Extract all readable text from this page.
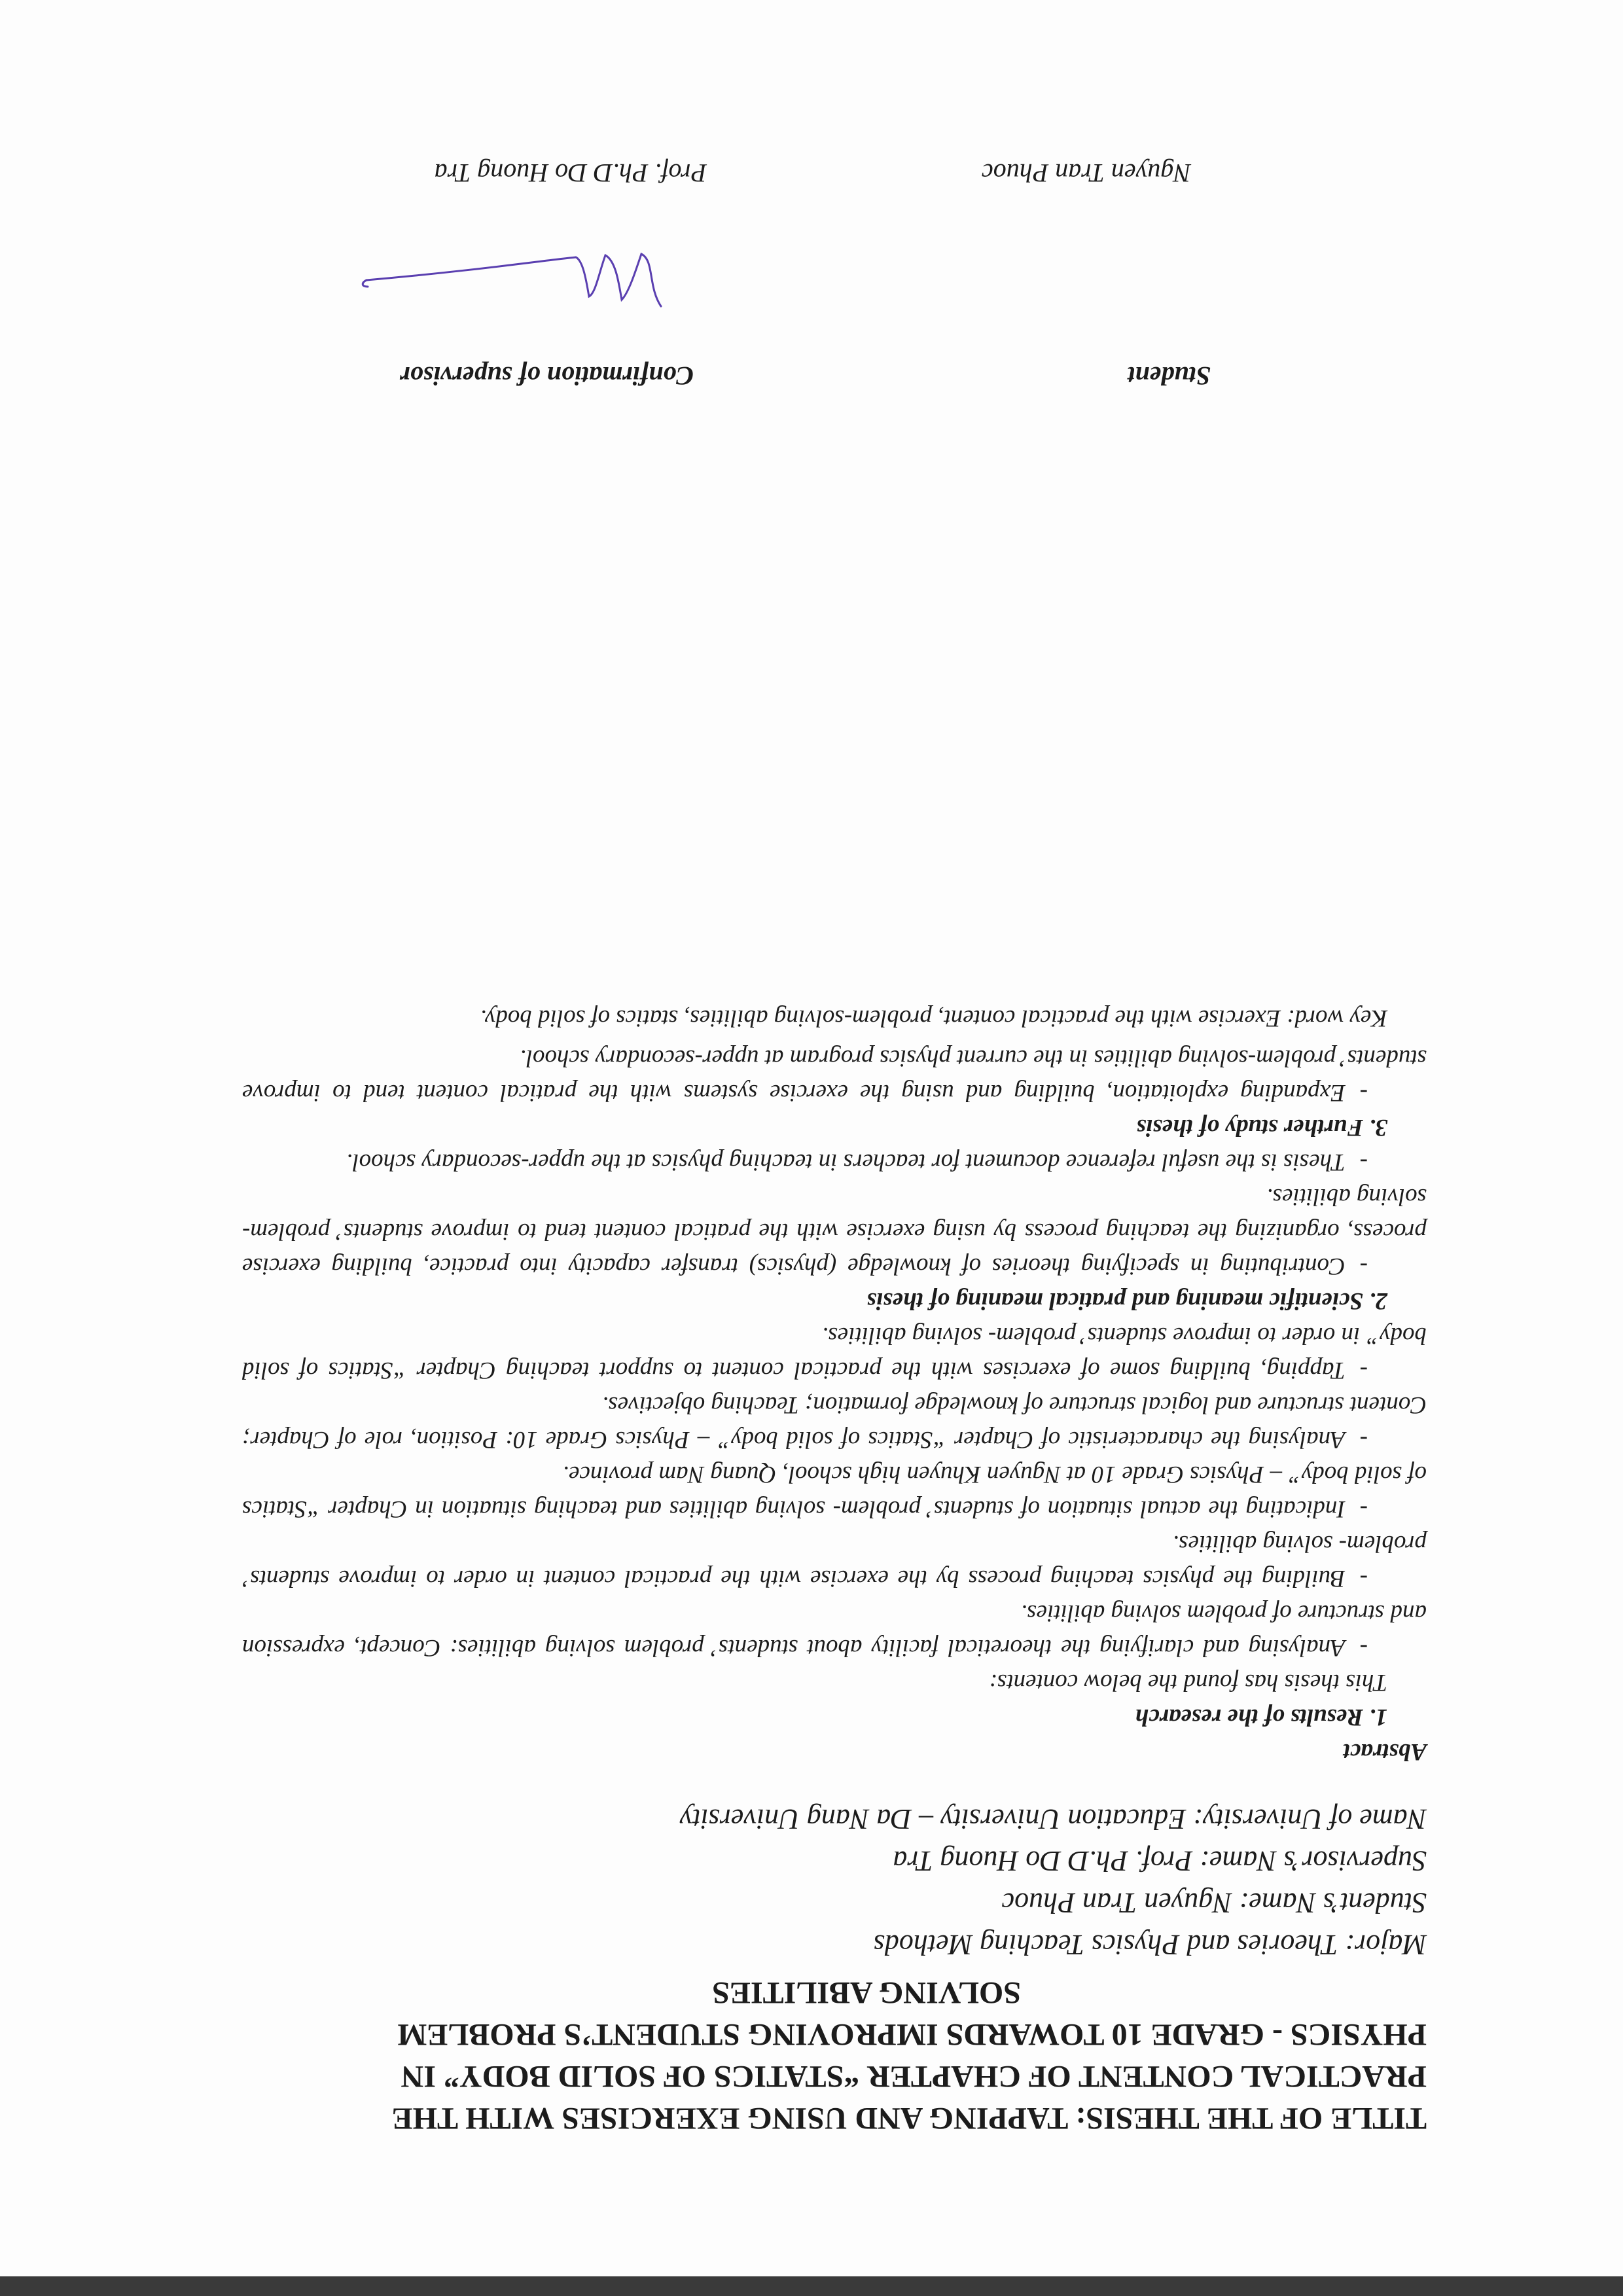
TITLE OF THE THESIS: TAPPING AND USING EXERCISES WITH THE
PRACTICAL CONTENT OF CHAPTER “STATICS OF SOLID BODY” IN
PHYSICS - GRADE 10 TOWARDS IMPROVING STUDENT’S PROBLEM
SOLVING ABILITIES
Major: Theories and Physics Teaching Methods
Student’s Name: Nguyen Tran Phuoc
Supervisor’s Name: Prof. Ph.D Do Huong Tra
Name of University: Education University – Da Nang University
Abstract
1. Results of the research

This thesis has found the below contents:

-Analysing and clarifying the theoretical facility about students’ problem solving abilities: Concept, expression and structure of problem solving abilities.

-Building the physics teaching process by the exercise with the practical content in order to improve students’ problem- solving abilities.

-Indicating the actual situation of students’ problem- solving abilities and teaching situation in Chapter “Statics of solid body” – Physics Grade 10 at Nguyen Khuyen high school, Quang Nam province.

-Analysing the characteristic of Chapter “Statics of solid body” – Physics Grade 10: Position, role of Chapter; Content structure and logical structure of knowledge formation; Teaching objectives.

-Tapping, building some of exercises with the practical content to support teaching Chapter “Statics of solid body” in order to improve students’ problem- solving abilities.

2. Scientific meaning and pratical meaning of thesis

-Contributing in specifying theories of knowledge (physics) transfer capacity into practice, building exercise process, organizing the teaching process by using exercise with the pratical content tend to improve students’ problem-solving abilities.

-Thesis is the useful reference document for teachers in teaching physics at the upper-secondary school.

3. Further study of thesis

-Expanding exploitation, building and using the exercise systems with the pratical content tend to improve students’ problem-solving abilities in the current physics program at upper-secondary school.

Key word: Exercise with the practical content, problem-solving abilities, statics of solid body.

Student
Confirmation of supervisor
Nguyen Tran Phuoc
Prof. Ph.D Do Huong Tra
